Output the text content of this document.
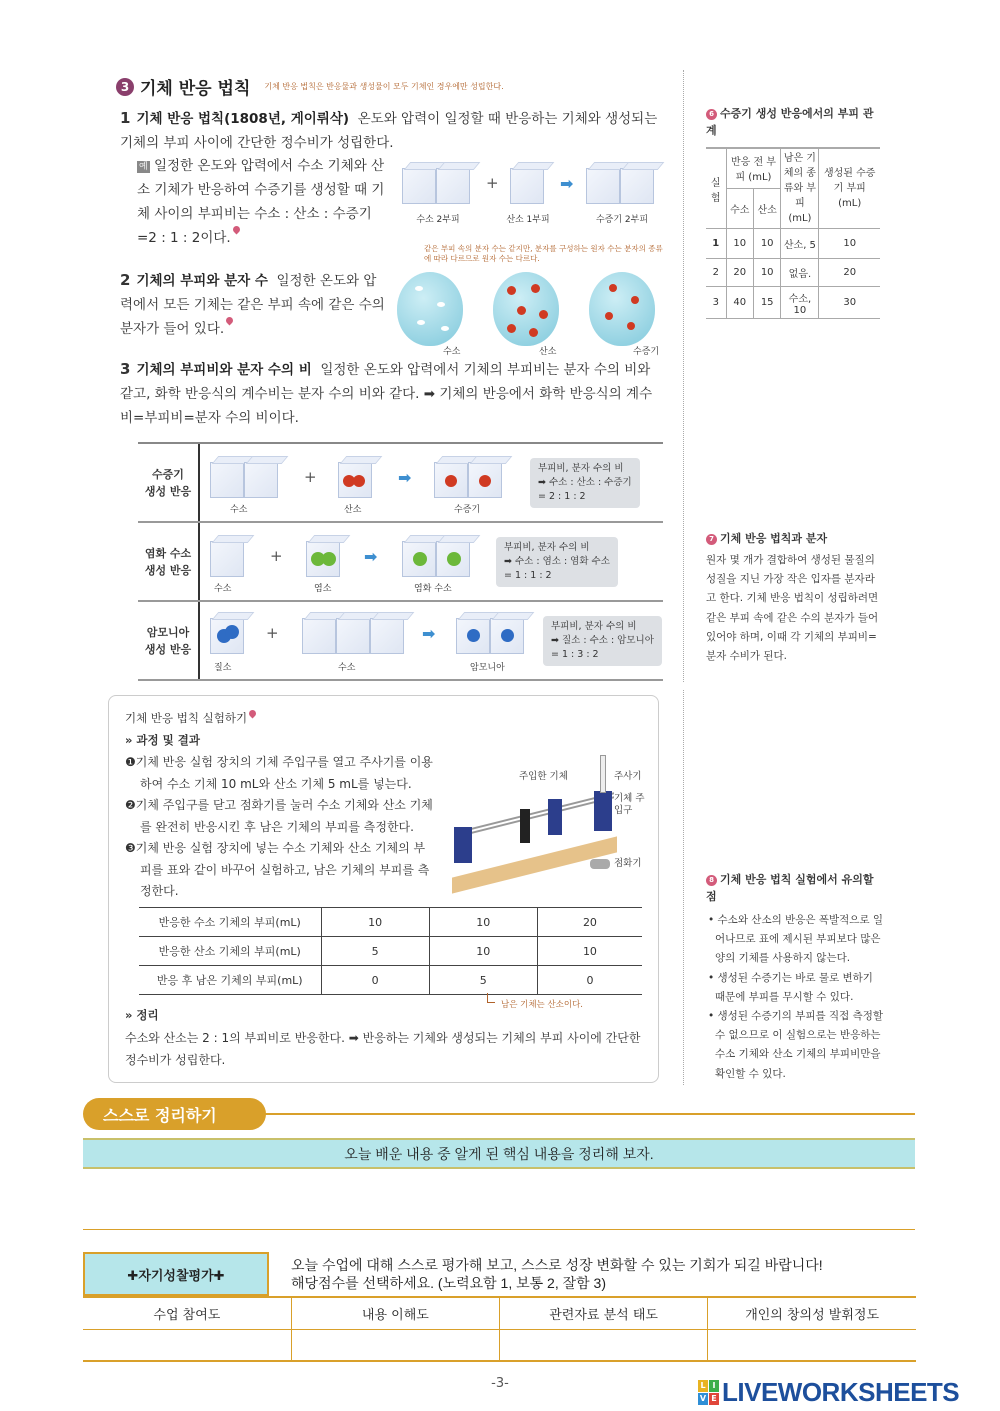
3 기체 반응 법칙 기체 반응 법칙은 반응물과 생성물이 모두 기체인 경우에만 성립한다.
1 기체 반응 법칙(1808년, 게이뤼삭) 온도와 압력이 일정할 때 반응하는 기체와 생성되는 기체의 부피 사이에 간단한 정수비가 성립한다.
예 일정한 온도와 압력에서 수소 기체와 산소 기체가 반응하여 수증기를 생성할 때 기체 사이의 부피비는 수소 : 산소 : 수증기=2 : 1 : 2이다.
+	➡
수소 2부피	산소 1부피	수증기 2부피
2 기체의 부피와 분자 수 일정한 온도와 압력에서 모든 기체는 같은 부피 속에 같은 수의 분자가 들어 있다.
같은 부피 속의 분자 수는 같지만, 분자를 구성하는 원자 수는 분자의 종류에 따라 다르므로 원자 수는 다르다.
수소	산소	수증기
3 기체의 부피비와 분자 수의 비 일정한 온도와 압력에서 기체의 부피비는 분자 수의 비와 같고, 화학 반응식의 계수비는 분자 수의 비와 같다. ➡ 기체의 반응에서 화학 반응식의 계수비=부피비=분자 수의 비이다.
수증기
생성 반응
+	➡
수소	산소	수증기
부피비, 분자 수의 비
➡ 수소 : 산소 : 수증기
= 2 : 1 : 2
염화 수소
생성 반응
+	➡
수소	염소	염화 수소
부피비, 분자 수의 비
➡ 수소 : 염소 : 염화 수소
= 1 : 1 : 2
암모니아
생성 반응
+	➡
질소	수소	암모니아
부피비, 분자 수의 비
➡ 질소 : 수소 : 암모니아
= 1 : 3 : 2
6 수증기 생성 반응에서의 부피 관계
실험	반응 전 부피 (mL)		남은 기체의 종류와 부피 (mL)	생성된 수증기 부피 (mL)
	수소	산소		
1	10	10	산소, 5	10
2	20	10	없음.	20
3	40	15	수소, 10	30
7 기체 반응 법칙과 분자
원자 몇 개가 결합하여 생성된 물질의 성질을 지닌 가장 작은 입자를 분자라고 한다. 기체 반응 법칙이 성립하려면 같은 부피 속에 같은 수의 분자가 들어 있어야 하며, 이때 각 기체의 부피비=분자 수비가 된다.
8 기체 반응 법칙 실험에서 유의할 점
• 수소와 산소의 반응은 폭발적으로 일어나므로 표에 제시된 부피보다 많은 양의 기체를 사용하지 않는다.
• 생성된 수증기는 바로 물로 변하기 때문에 부피를 무시할 수 있다.
• 생성된 수증기의 부피를 직접 측정할 수 없으므로 이 실험으로는 반응하는 수소 기체와 산소 기체의 부피비만을 확인할 수 있다.
기체 반응 법칙 실험하기
» 과정 및 결과
❶기체 반응 실험 장치의 기체 주입구를 열고 주사기를 이용하여 수소 기체 10 mL와 산소 기체 5 mL를 넣는다.
❷기체 주입구를 닫고 점화기를 눌러 수소 기체와 산소 기체를 완전히 반응시킨 후 남은 기체의 부피를 측정한다.
❸기체 반응 실험 장치에 넣는 수소 기체와 산소 기체의 부피를 표와 같이 바꾸어 실험하고, 남은 기체의 부피를 측정한다.
주입한 기체	주사기
기체 주입구
점화기
반응한 수소 기체의 부피(mL)	10	10	20
반응한 산소 기체의 부피(mL)	5	10	10
반응 후 남은 기체의 부피(mL)	0	5	0
남은 기체는 산소이다.
» 정리
수소와 산소는 2 : 1의 부피비로 반응한다. ➡ 반응하는 기체와 생성되는 기체의 부피 사이에 간단한 정수비가 성립한다.
스스로 정리하기
오늘 배운 내용 중 알게 된 핵심 내용을 정리해 보자.
✚자기성찰평가✚
오늘 수업에 대해 스스로 평가해 보고, 스스로 성장 변화할 수 있는 기회가 되길 바랍니다!
해당점수를 선택하세요. (노력요함 1, 보통 2, 잘함 3)
수업 참여도	내용 이해도	관련자료 분석 태도	개인의 창의성 발휘정도

-3-	L I
V E LIVEWORKSHEETS
